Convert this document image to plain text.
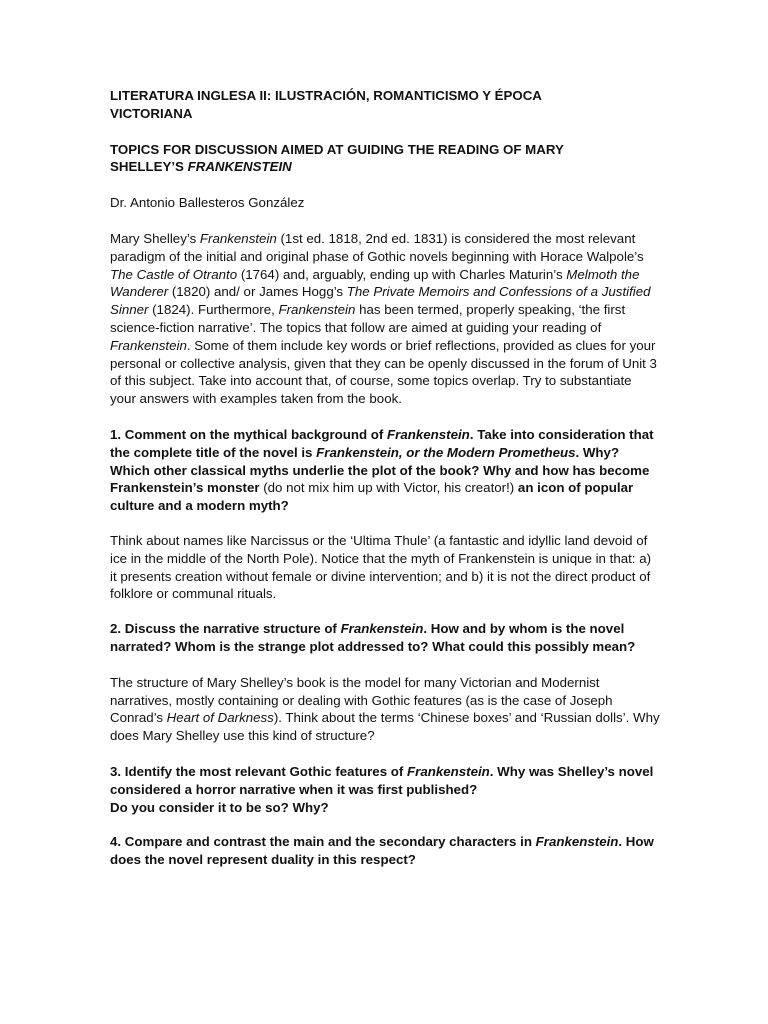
LITERATURA INGLESA II: ILUSTRACIÓN, ROMANTICISMO Y ÉPOCA
VICTORIANA
TOPICS FOR DISCUSSION AIMED AT GUIDING THE READING OF MARY
SHELLEY’S FRANKENSTEIN
Dr. Antonio Ballesteros González
Mary Shelley’s Frankenstein (1st ed. 1818, 2nd ed. 1831) is considered the most relevant paradigm of the initial and original phase of Gothic novels beginning with Horace Walpole’s The Castle of Otranto (1764) and, arguably, ending up with Charles Maturin’s Melmoth the Wanderer (1820) and/ or James Hogg’s The Private Memoirs and Confessions of a Justified Sinner (1824). Furthermore, Frankenstein has been termed, properly speaking, ‘the first science-fiction narrative’. The topics that follow are aimed at guiding your reading of Frankenstein. Some of them include key words or brief reflections, provided as clues for your personal or collective analysis, given that they can be openly discussed in the forum of Unit 3 of this subject. Take into account that, of course, some topics overlap. Try to substantiate your answers with examples taken from the book.
1. Comment on the mythical background of Frankenstein. Take into consideration that the complete title of the novel is Frankenstein, or the Modern Prometheus. Why? Which other classical myths underlie the plot of the book? Why and how has become Frankenstein’s monster (do not mix him up with Victor, his creator!) an icon of popular culture and a modern myth?
Think about names like Narcissus or the ‘Ultima Thule’ (a fantastic and idyllic land devoid of ice in the middle of the North Pole). Notice that the myth of Frankenstein is unique in that: a) it presents creation without female or divine intervention; and b) it is not the direct product of folklore or communal rituals.
2. Discuss the narrative structure of Frankenstein. How and by whom is the novel narrated? Whom is the strange plot addressed to? What could this possibly mean?
The structure of Mary Shelley’s book is the model for many Victorian and Modernist narratives, mostly containing or dealing with Gothic features (as is the case of Joseph Conrad’s Heart of Darkness). Think about the terms ‘Chinese boxes’ and ‘Russian dolls’. Why does Mary Shelley use this kind of structure?
3. Identify the most relevant Gothic features of Frankenstein. Why was Shelley’s novel considered a horror narrative when it was first published?
Do you consider it to be so? Why?
4. Compare and contrast the main and the secondary characters in Frankenstein. How does the novel represent duality in this respect?
